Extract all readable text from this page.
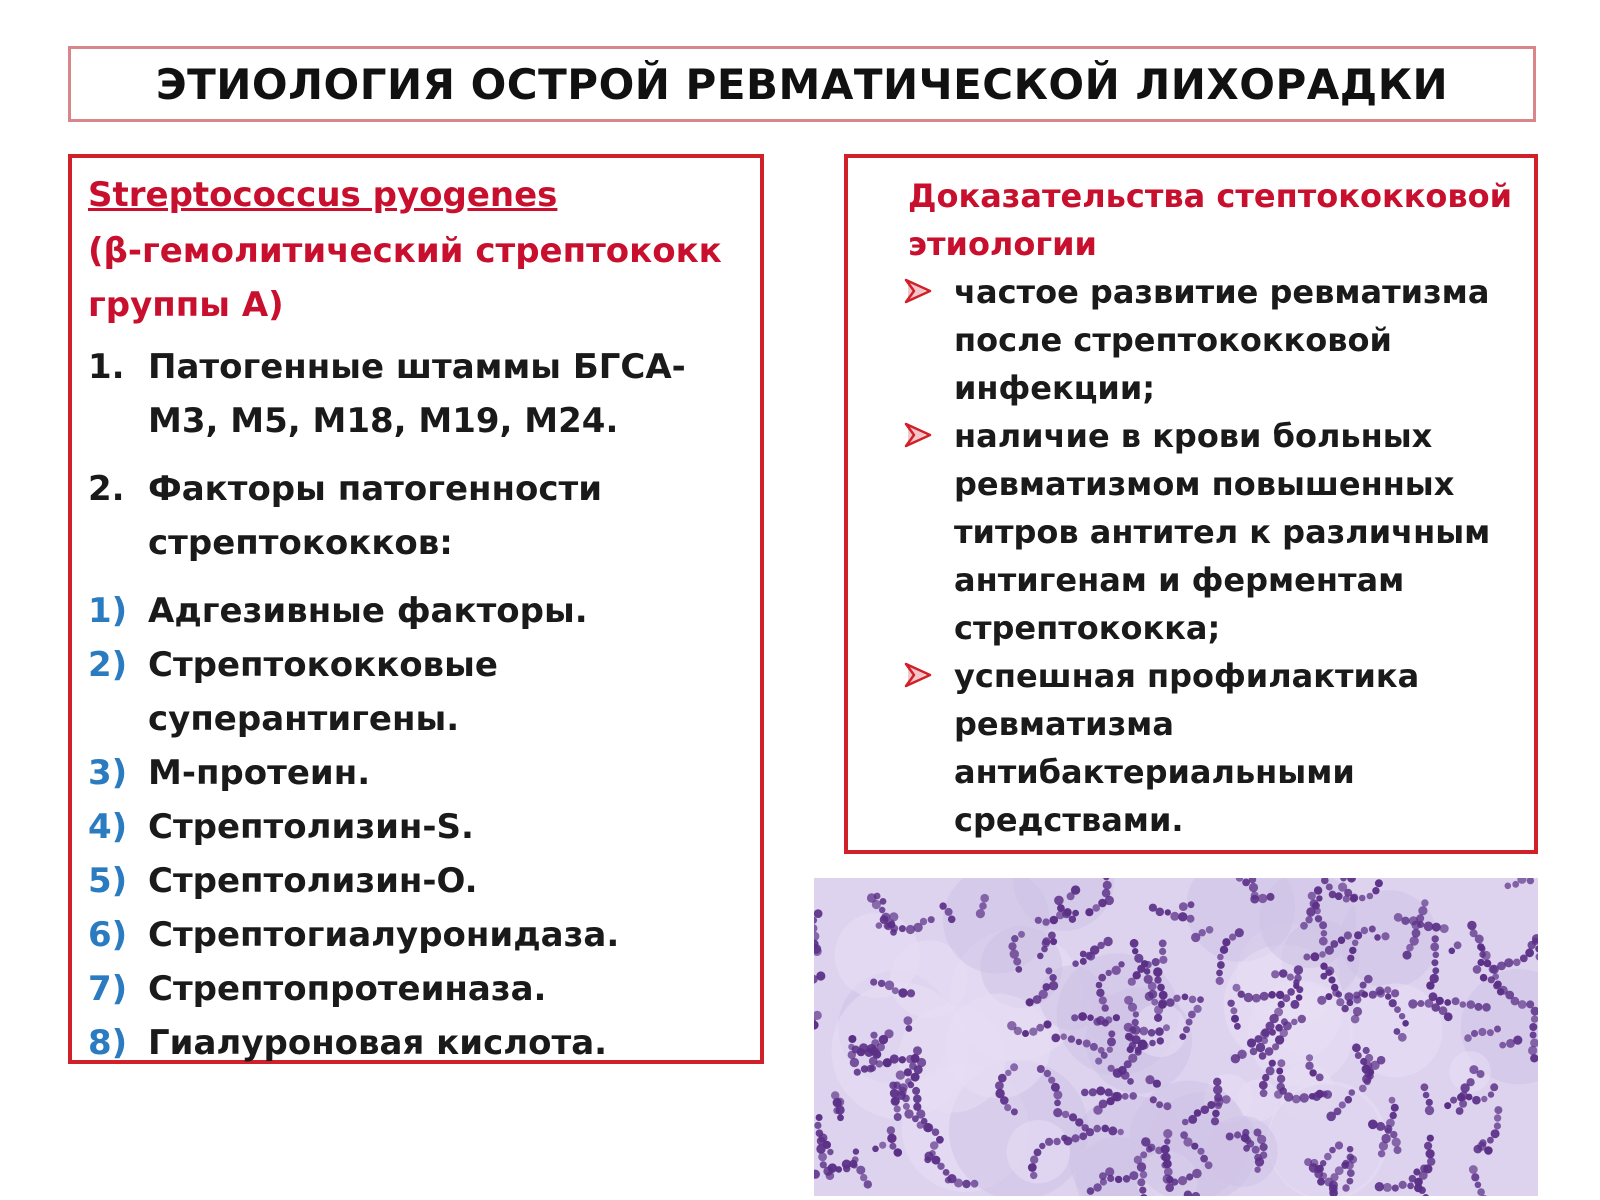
ЭТИОЛОГИЯ ОСТРОЙ РЕВМАТИЧЕСКОЙ ЛИХОРАДКИ
Streptococcus pyogenes
(β-гемолитический стрептококк группы А)
1. Патогенные штаммы БГСА- М3, М5, М18, М19, М24.
2. Факторы патогенности стрептококков:
1) Адгезивные факторы.
2) Стрептококковые суперантигены.
3) М-протеин.
4) Стрептолизин-S.
5) Стрептолизин-O.
6) Стрептогиалуронидаза.
7) Стрептопротеиназа.
8) Гиалуроновая кислота.
Доказательства стептококковой этиологии
частое развитие ревматизма после стрептококковой инфекции;
наличие в крови больных ревматизмом повышенных титров антител к различным антигенам и ферментам стрептококка;
успешная профилактика ревматизма антибактериальными средствами.
